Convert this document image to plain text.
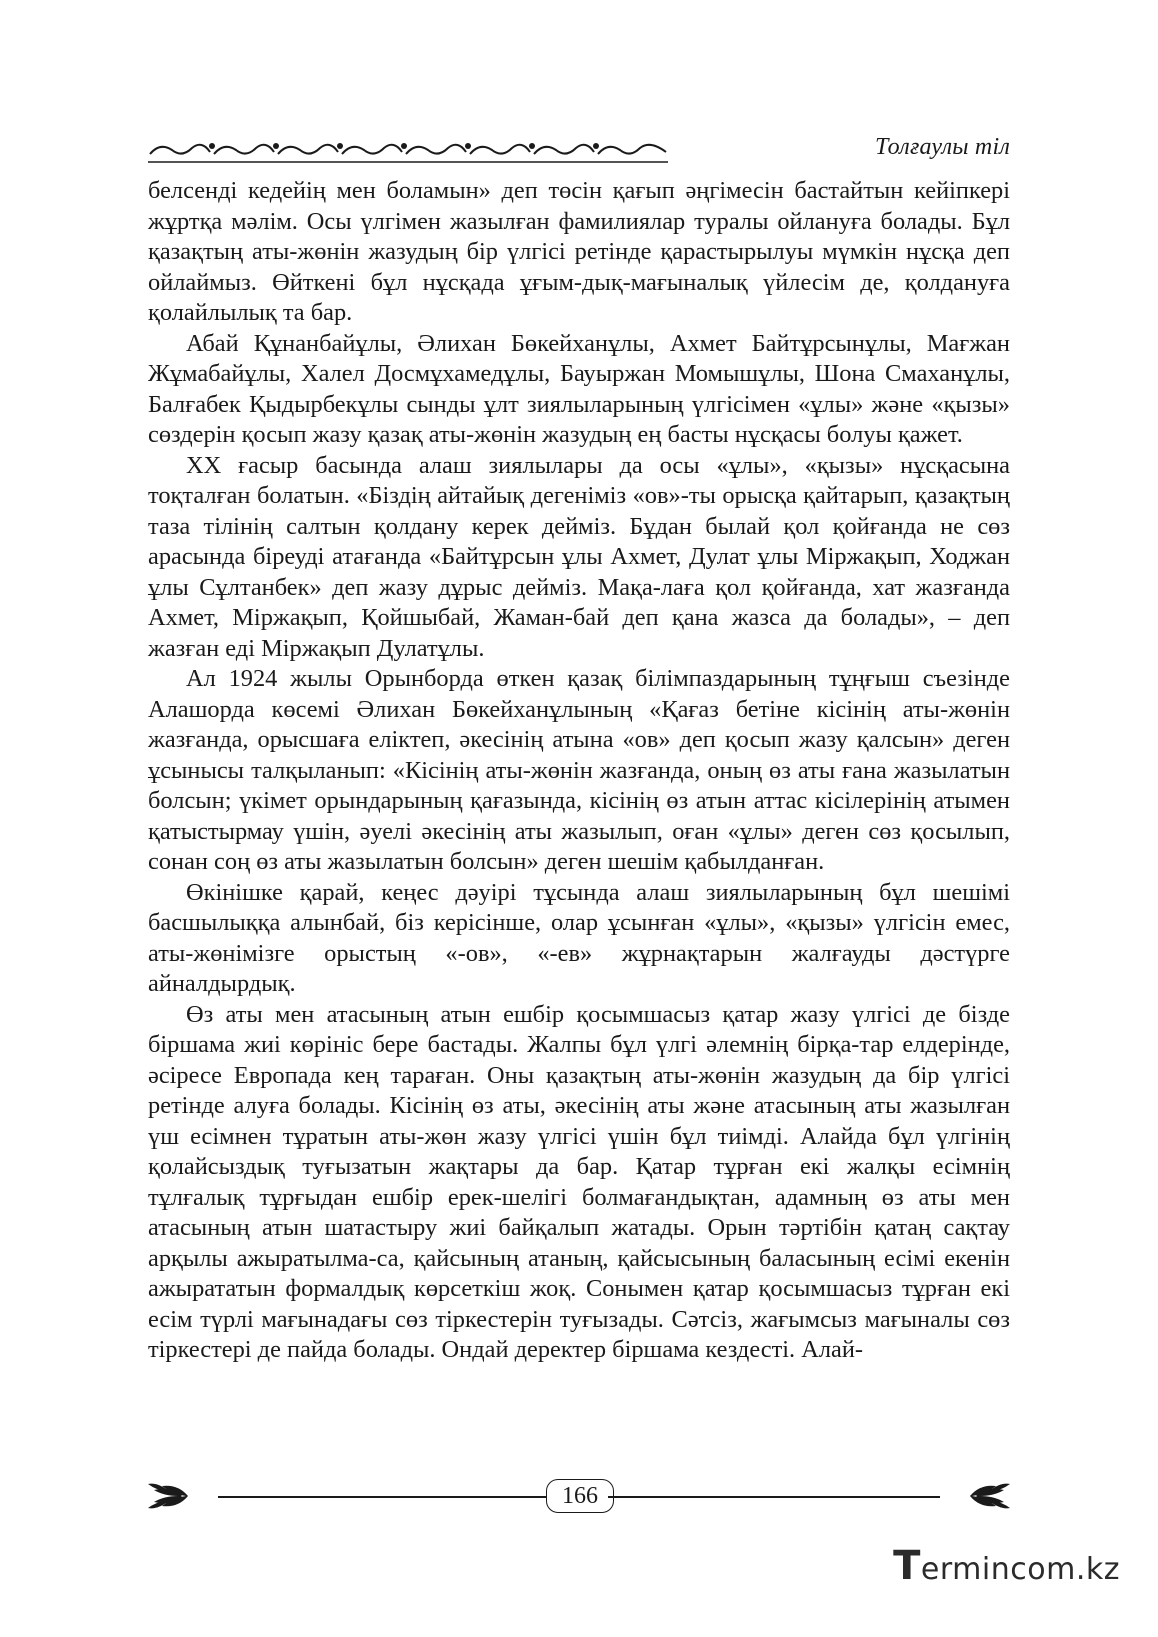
Толғаулы тіл

белсенді кедейің мен боламын» деп төсін қағып әңгімесін бастайтын кейіпкері жұртқа мәлім. Осы үлгімен жазылған фамилиялар туралы ойлануға болады. Бұл қазақтың аты-жөнін жазудың бір үлгісі ретінде қарастырылуы мүмкін нұсқа деп ойлаймыз. Өйткені бұл нұсқада ұғым-дық-мағыналық үйлесім де, қолдануға қолайлылық та бар.

Абай Құнанбайұлы, Әлихан Бөкейханұлы, Ахмет Байтұрсынұлы, Мағжан Жұмабайұлы, Халел Досмұхамедұлы, Бауыржан Момышұлы, Шона Смаханұлы, Балғабек Қыдырбекұлы сынды ұлт зиялыларының үлгісімен «ұлы» және «қызы» сөздерін қосып жазу қазақ аты-жөнін жазудың ең басты нұсқасы болуы қажет.

XX ғасыр басында алаш зиялылары да осы «ұлы», «қызы» нұсқасына тоқталған болатын. «Біздің айтайық дегеніміз «ов»-ты орысқа қайтарып, қазақтың таза тілінің салтын қолдану керек дейміз. Бұдан былай қол қойғанда не сөз арасында біреуді атағанда «Байтұрсын ұлы Ахмет, Дулат ұлы Міржақып, Ходжан ұлы Сұлтанбек» деп жазу дұрыс дейміз. Мақа-лаға қол қойғанда, хат жазғанда Ахмет, Міржақып, Қойшыбай, Жаман-бай деп қана жазса да болады», – деп жазған еді Міржақып Дулатұлы.

Ал 1924 жылы Орынборда өткен қазақ білімпаздарының тұңғыш съезінде Алашорда көсемі Әлихан Бөкейханұлының «Қағаз бетіне кісінің аты-жөнін жазғанда, орысшаға еліктеп, әкесінің атына «ов» деп қосып жазу қалсын» деген ұсынысы талқыланып: «Кісінің аты-жөнін жазғанда, оның өз аты ғана жазылатын болсын; үкімет орындарының қағазында, кісінің өз атын аттас кісілерінің атымен қатыстырмау үшін, әуелі әкесінің аты жазылып, оған «ұлы» деген сөз қосылып, сонан соң өз аты жазылатын болсын» деген шешім қабылданған.

Өкінішке қарай, кеңес дәуірі тұсында алаш зиялыларының бұл шешімі басшылыққа алынбай, біз керісінше, олар ұсынған «ұлы», «қызы» үлгісін емес, аты-жөнімізге орыстың «-ов», «-ев» жұрнақтарын жалғауды дәстүрге айналдырдық.

Өз аты мен атасының атын ешбір қосымшасыз қатар жазу үлгісі де бізде біршама жиі көрініс бере бастады. Жалпы бұл үлгі әлемнің бірқа-тар елдерінде, әсіресе Европада кең тараған. Оны қазақтың аты-жөнін жазудың да бір үлгісі ретінде алуға болады. Кісінің өз аты, әкесінің аты және атасының аты жазылған үш есімнен тұратын аты-жөн жазу үлгісі үшін бұл тиімді. Алайда бұл үлгінің қолайсыздық туғызатын жақтары да бар. Қатар тұрған екі жалқы есімнің тұлғалық тұрғыдан ешбір ерек-шелігі болмағандықтан, адамның өз аты мен атасының атын шатастыру жиі байқалып жатады. Орын тәртібін қатаң сақтау арқылы ажыратылма-са, қайсының атаның, қайсысының баласының есімі екенін ажырататын формалдық көрсеткіш жоқ. Сонымен қатар қосымшасыз тұрған екі есім түрлі мағынадағы сөз тіркестерін туғызады. Сәтсіз, жағымсыз мағыналы сөз тіркестері де пайда болады. Ондай деректер біршама кездесті. Алай-

166
T ermincom.kz
